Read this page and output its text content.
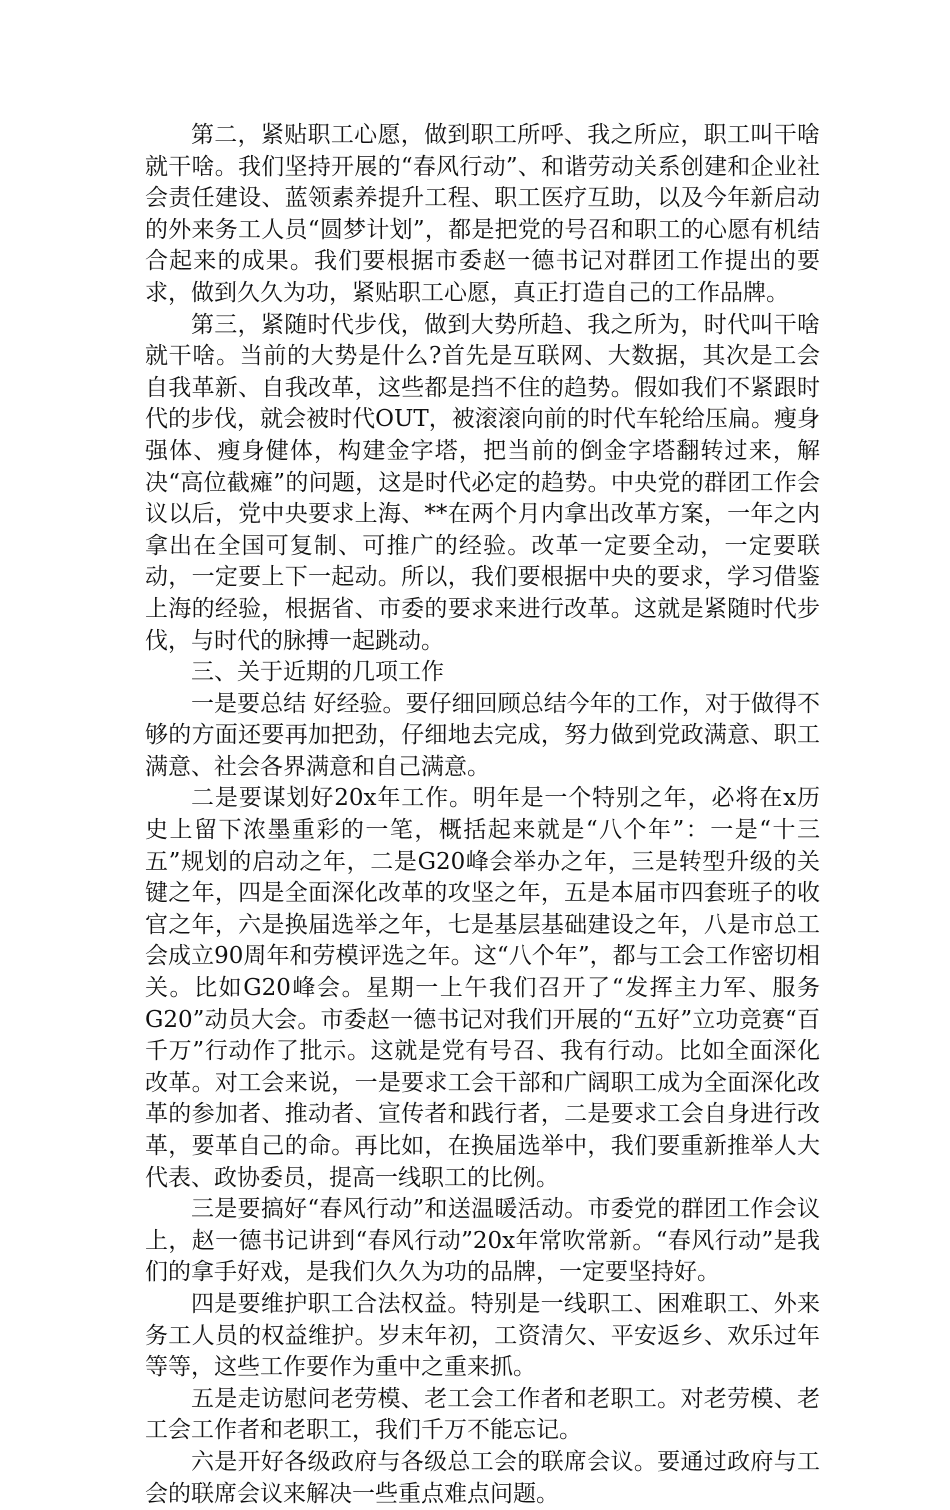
第二，紧贴职工心愿，做到职工所呼、我之所应，职工叫干啥就干啥。我们坚持开展的“春风行动”、和谐劳动关系创建和企业社会责任建设、蓝领素养提升工程、职工医疗互助，以及今年新启动的外来务工人员“圆梦计划”，都是把党的号召和职工的心愿有机结合起来的成果。我们要根据市委赵一德书记对群团工作提出的要求，做到久久为功，紧贴职工心愿，真正打造自己的工作品牌。

第三，紧随时代步伐，做到大势所趋、我之所为，时代叫干啥就干啥。当前的大势是什么?首先是互联网、大数据，其次是工会自我革新、自我改革，这些都是挡不住的趋势。假如我们不紧跟时代的步伐，就会被时代OUT，被滚滚向前的时代车轮给压扁。瘦身强体、瘦身健体，构建金字塔，把当前的倒金字塔翻转过来，解决“高位截瘫”的问题，这是时代必定的趋势。中央党的群团工作会议以后，党中央要求上海、**在两个月内拿出改革方案，一年之内拿出在全国可复制、可推广的经验。改革一定要全动，一定要联动，一定要上下一起动。所以，我们要根据中央的要求，学习借鉴上海的经验，根据省、市委的要求来进行改革。这就是紧随时代步伐，与时代的脉搏一起跳动。

三、关于近期的几项工作

一是要总结 好经验。要仔细回顾总结今年的工作，对于做得不够的方面还要再加把劲，仔细地去完成，努力做到党政满意、职工满意、社会各界满意和自己满意。

二是要谋划好20x年工作。明年是一个特别之年，必将在x历史上留下浓墨重彩的一笔，概括起来就是“八个年”：一是“十三五”规划的启动之年，二是G20峰会举办之年，三是转型升级的关键之年，四是全面深化改革的攻坚之年，五是本届市四套班子的收官之年，六是换届选举之年，七是基层基础建设之年，八是市总工会成立90周年和劳模评选之年。这“八个年”，都与工会工作密切相关。比如G20峰会。星期一上午我们召开了“发挥主力军、服务G20”动员大会。市委赵一德书记对我们开展的“五好”立功竞赛“百千万”行动作了批示。这就是党有号召、我有行动。比如全面深化改革。对工会来说，一是要求工会干部和广阔职工成为全面深化改革的参加者、推动者、宣传者和践行者，二是要求工会自身进行改革，要革自己的命。再比如，在换届选举中，我们要重新推举人大代表、政协委员，提高一线职工的比例。

三是要搞好“春风行动”和送温暖活动。市委党的群团工作会议上，赵一德书记讲到“春风行动”20x年常吹常新。“春风行动”是我们的拿手好戏，是我们久久为功的品牌，一定要坚持好。

四是要维护职工合法权益。特别是一线职工、困难职工、外来务工人员的权益维护。岁末年初，工资清欠、平安返乡、欢乐过年等等，这些工作要作为重中之重来抓。

五是走访慰问老劳模、老工会工作者和老职工。对老劳模、老工会工作者和老职工，我们千万不能忘记。

六是开好各级政府与各级总工会的联席会议。要通过政府与工会的联席会议来解决一些重点难点问题。
